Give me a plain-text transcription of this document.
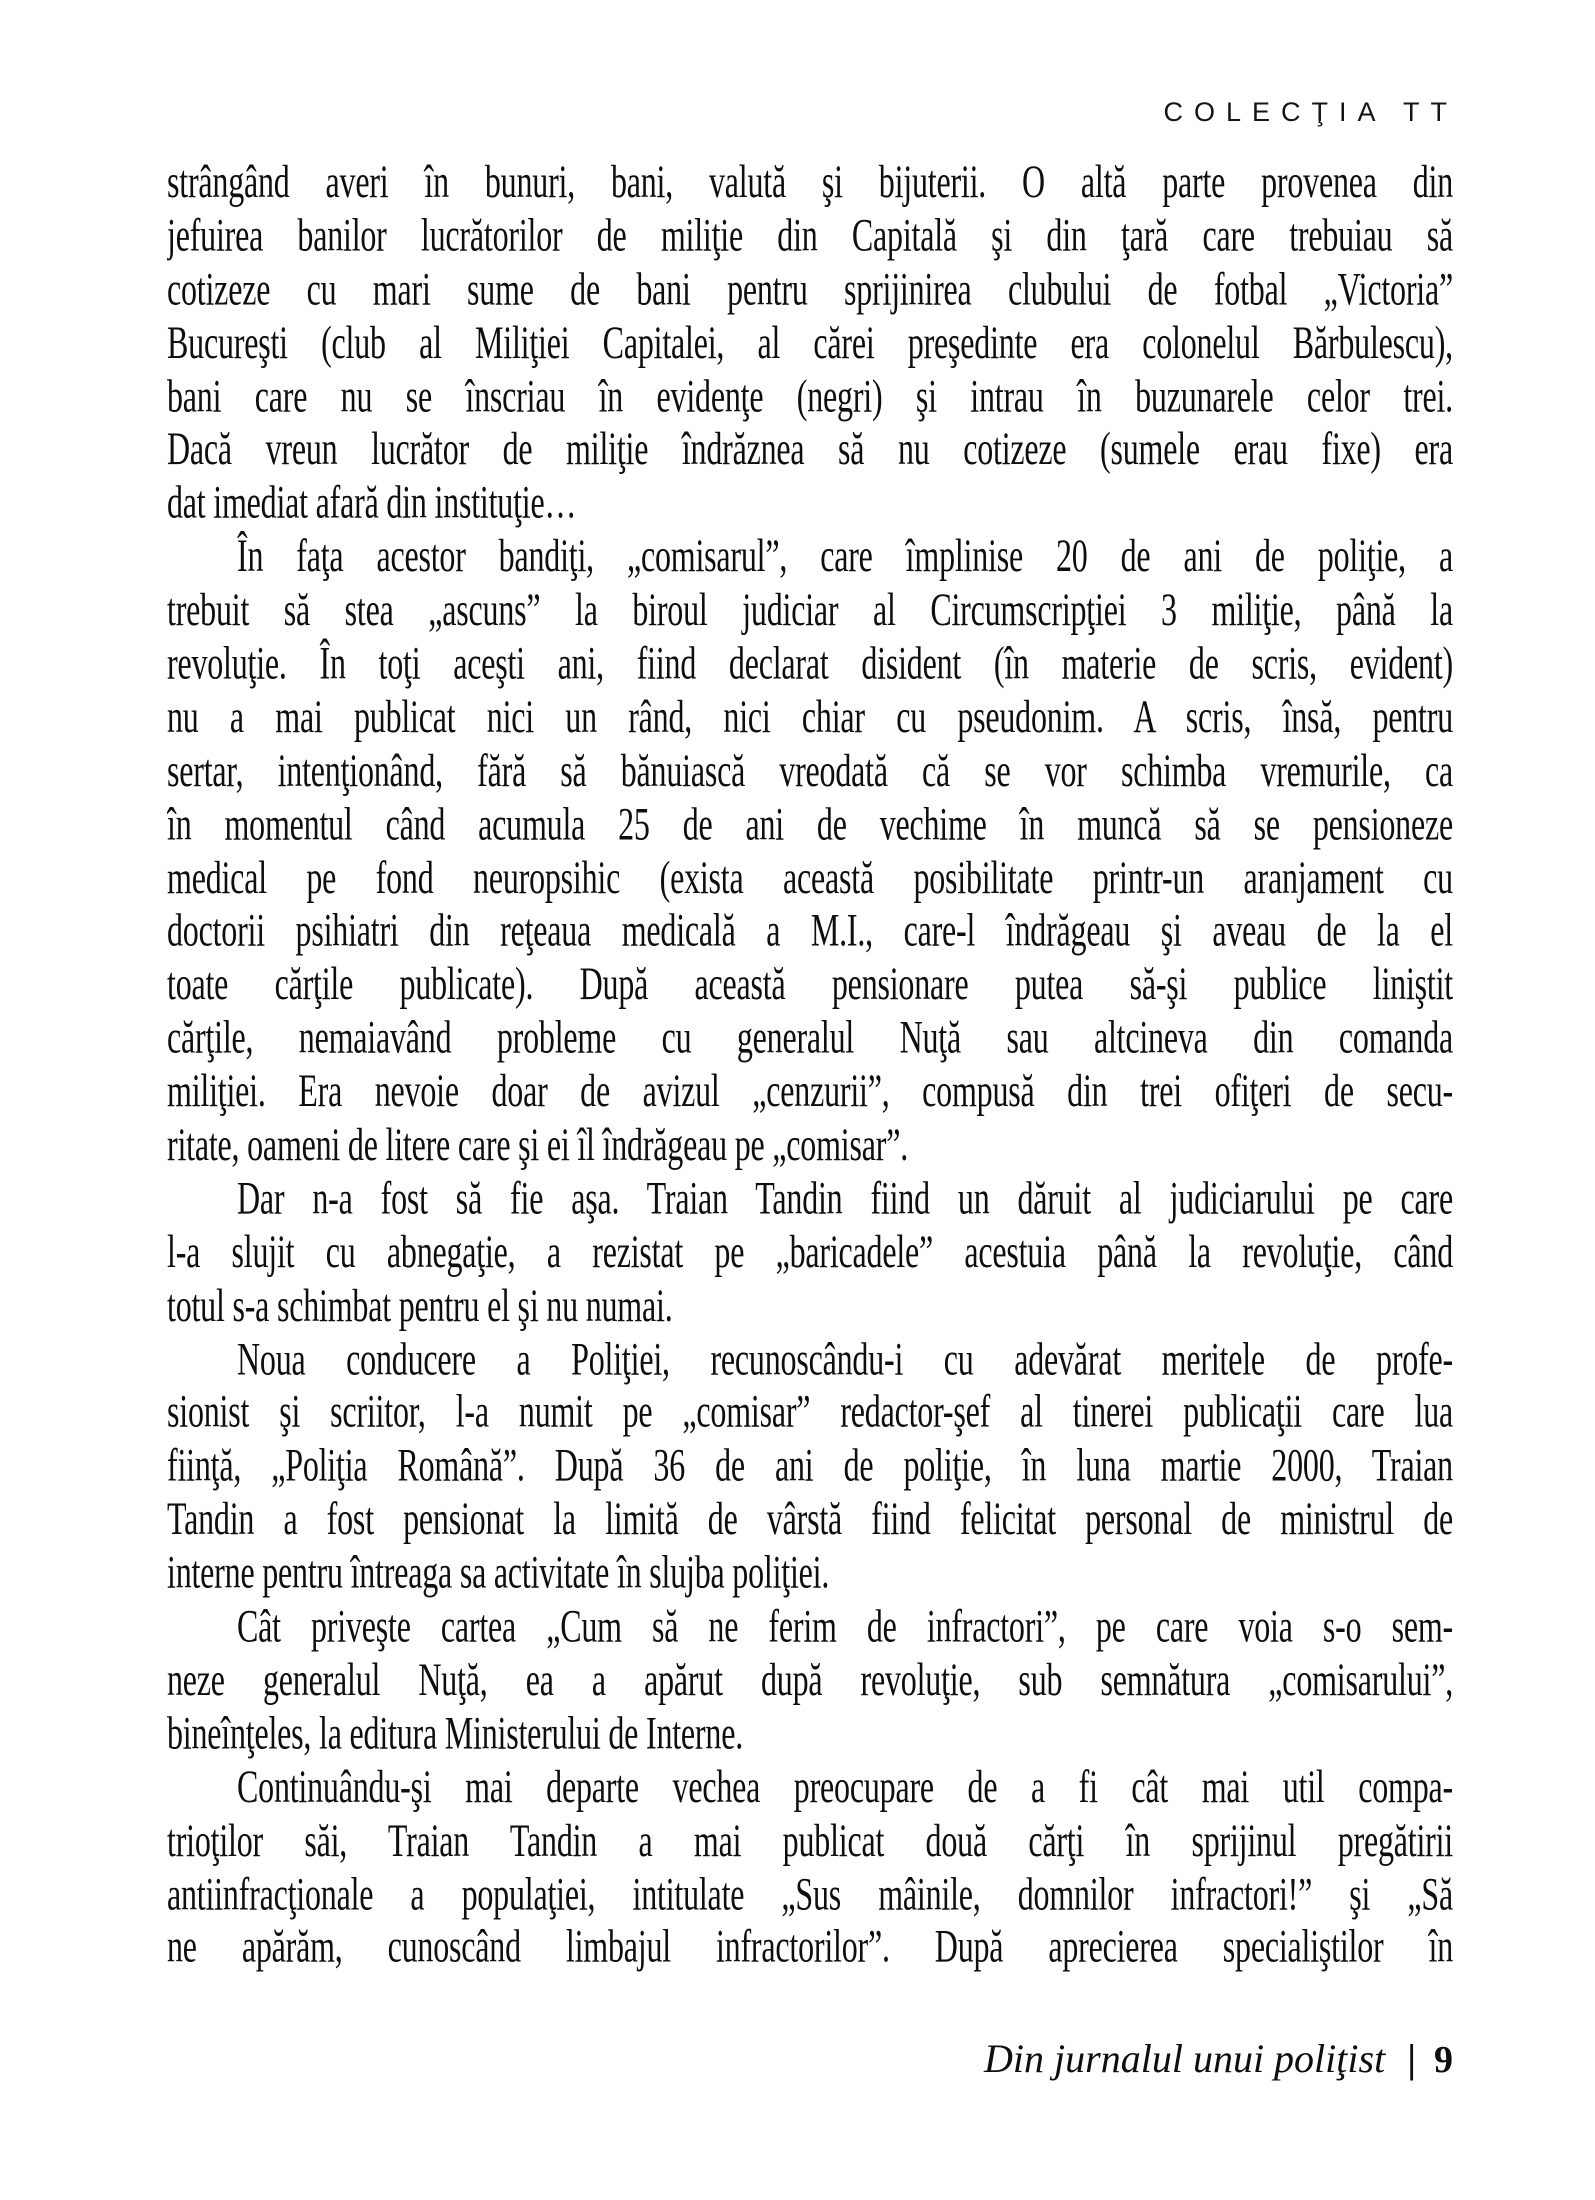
COLECŢIA TT
strângând averi în bunuri, bani, valută şi bijuterii. O altă parte provenea din
jefuirea banilor lucrătorilor de miliţie din Capitală şi din ţară care trebuiau să
cotizeze cu mari sume de bani pentru sprijinirea clubului de fotbal „Victoria”
Bucureşti (club al Miliţiei Capitalei, al cărei preşedinte era colonelul Bărbulescu),
bani care nu se înscriau în evidenţe (negri) şi intrau în buzunarele celor trei.
Dacă vreun lucrător de miliţie îndrăznea să nu cotizeze (sumele erau fixe) era
dat imediat afară din instituţie…
În faţa acestor bandiţi, „comisarul”, care împlinise 20 de ani de poliţie, a
trebuit să stea „ascuns” la biroul judiciar al Circumscripţiei 3 miliţie, până la
revoluţie. În toţi aceşti ani, fiind declarat disident (în materie de scris, evident)
nu a mai publicat nici un rând, nici chiar cu pseudonim. A scris, însă, pentru
sertar, intenţionând, fără să bănuiască vreodată că se vor schimba vremurile, ca
în momentul când acumula 25 de ani de vechime în muncă să se pensioneze
medical pe fond neuropsihic (exista această posibilitate printr-un aranjament cu
doctorii psihiatri din reţeaua medicală a M.I., care-l îndrăgeau şi aveau de la el
toate cărţile publicate). După această pensionare putea să-şi publice liniştit
cărţile, nemaiavând probleme cu generalul Nuţă sau altcineva din comanda
miliţiei. Era nevoie doar de avizul „cenzurii”, compusă din trei ofiţeri de secu-
ritate, oameni de litere care şi ei îl îndrăgeau pe „comisar”.
Dar n-a fost să fie aşa. Traian Tandin fiind un dăruit al judiciarului pe care
l-a slujit cu abnegaţie, a rezistat pe „baricadele” acestuia până la revoluţie, când
totul s-a schimbat pentru el şi nu numai.
Noua conducere a Poliţiei, recunoscându-i cu adevărat meritele de profe-
sionist şi scriitor, l-a numit pe „comisar” redactor-şef al tinerei publicaţii care lua
fiinţă, „Poliţia Română”. După 36 de ani de poliţie, în luna martie 2000, Traian
Tandin a fost pensionat la limită de vârstă fiind felicitat personal de ministrul de
interne pentru întreaga sa activitate în slujba poliţiei.
Cât priveşte cartea „Cum să ne ferim de infractori”, pe care voia s-o sem-
neze generalul Nuţă, ea a apărut după revoluţie, sub semnătura „comisarului”,
bineînţeles, la editura Ministerului de Interne.
Continuându-şi mai departe vechea preocupare de a fi cât mai util compa-
trioţilor săi, Traian Tandin a mai publicat două cărţi în sprijinul pregătirii
antiinfracţionale a populaţiei, intitulate „Sus mâinile, domnilor infractori!” şi „Să
ne apărăm, cunoscând limbajul infractorilor”. După aprecierea specialiştilor în
Din jurnalul unui poliţist | 9
